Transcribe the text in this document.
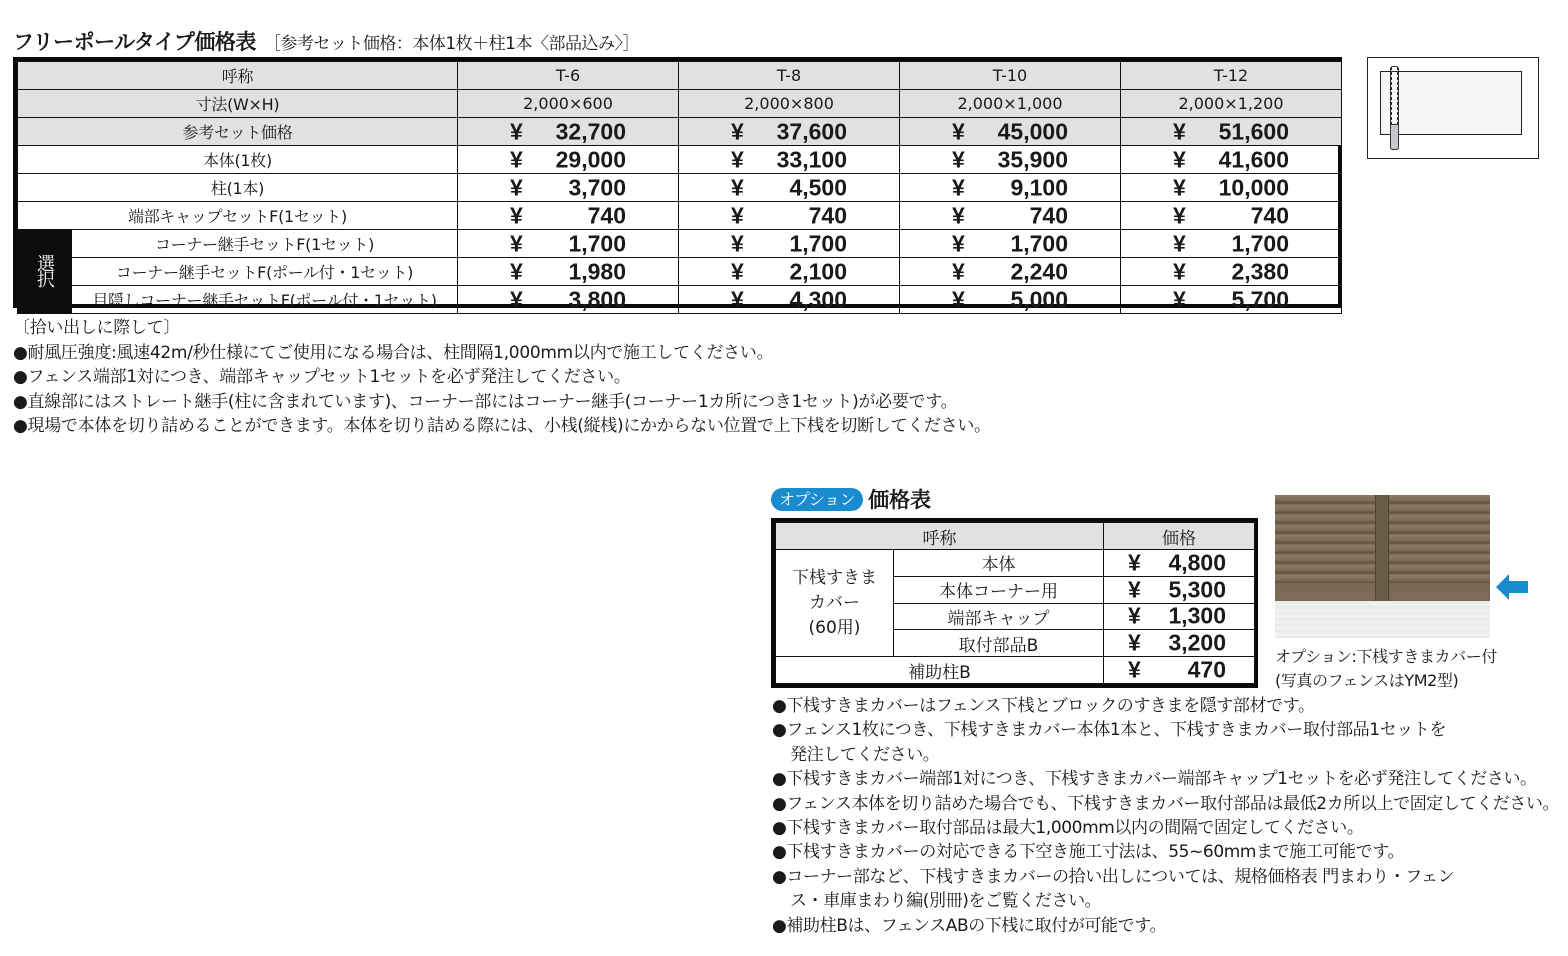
フリーポールタイプ価格表 ［参考セット価格：本体1枚＋柱1本〈部品込み〉］
呼称		T-6	T-8	T-10	T-12
寸法(W×H)		2,000×600	2,000×800	2,000×1,000	2,000×1,200
参考セット価格		¥ 32,700	¥ 37,600	¥ 45,000	¥ 51,600

本体(1枚)		¥ 29,000	¥ 33,100	¥ 35,900	¥ 41,600

柱(1本)		¥ 3,700	¥ 4,500	¥ 9,100	¥ 10,000

端部キャップセットF(1セット)		¥ 740	¥ 740	¥ 740	¥ 740

選択	コーナー継手セットF(1セット)	¥ 1,700	¥ 1,700	¥ 1,700	¥ 1,700

	コーナー継手セットF(ポール付・1セット)	¥ 1,980	¥ 2,100	¥ 2,240	¥ 2,380

	目隠しコーナー継手セットF(ポール付・1セット)	¥ 3,800	¥ 4,300	¥ 5,000	¥ 5,700
〔拾い出しに際して〕
●耐風圧強度:風速42m/秒仕様にてご使用になる場合は、柱間隔1,000mm以内で施工してください。
●フェンス端部1対につき、端部キャップセット1セットを必ず発注してください。
●直線部にはストレート継手(柱に含まれています)、コーナー部にはコーナー継手(コーナー1カ所につき1セット)が必要です。
●現場で本体を切り詰めることができます。本体を切り詰める際には、小桟(縦桟)にかからない位置で上下桟を切断してください。
オプション 価格表
呼称		価格

下桟すきま
カバー
(60用)
	本体	¥ 4,800

	本体コーナー用	¥ 5,300

	端部キャップ	¥ 1,300

	取付部品B	¥ 3,200

補助柱B		¥ 470
オプション:下桟すきまカバー付
(写真のフェンスはYM2型)
●下桟すきまカバーはフェンス下桟とブロックのすきまを隠す部材です。
●フェンス1枚につき、下桟すきまカバー本体1本と、下桟すきまカバー取付部品1セットを
発注してください。
●下桟すきまカバー端部1対につき、下桟すきまカバー端部キャップ1セットを必ず発注してください。
●フェンス本体を切り詰めた場合でも、下桟すきまカバー取付部品は最低2カ所以上で固定してください。
●下桟すきまカバー取付部品は最大1,000mm以内の間隔で固定してください。
●下桟すきまカバーの対応できる下空き施工寸法は、55~60mmまで施工可能です。
●コーナー部など、下桟すきまカバーの拾い出しについては、規格価格表 門まわり・フェン
ス・車庫まわり編(別冊)をご覧ください。
●補助柱Bは、フェンスABの下桟に取付が可能です。
